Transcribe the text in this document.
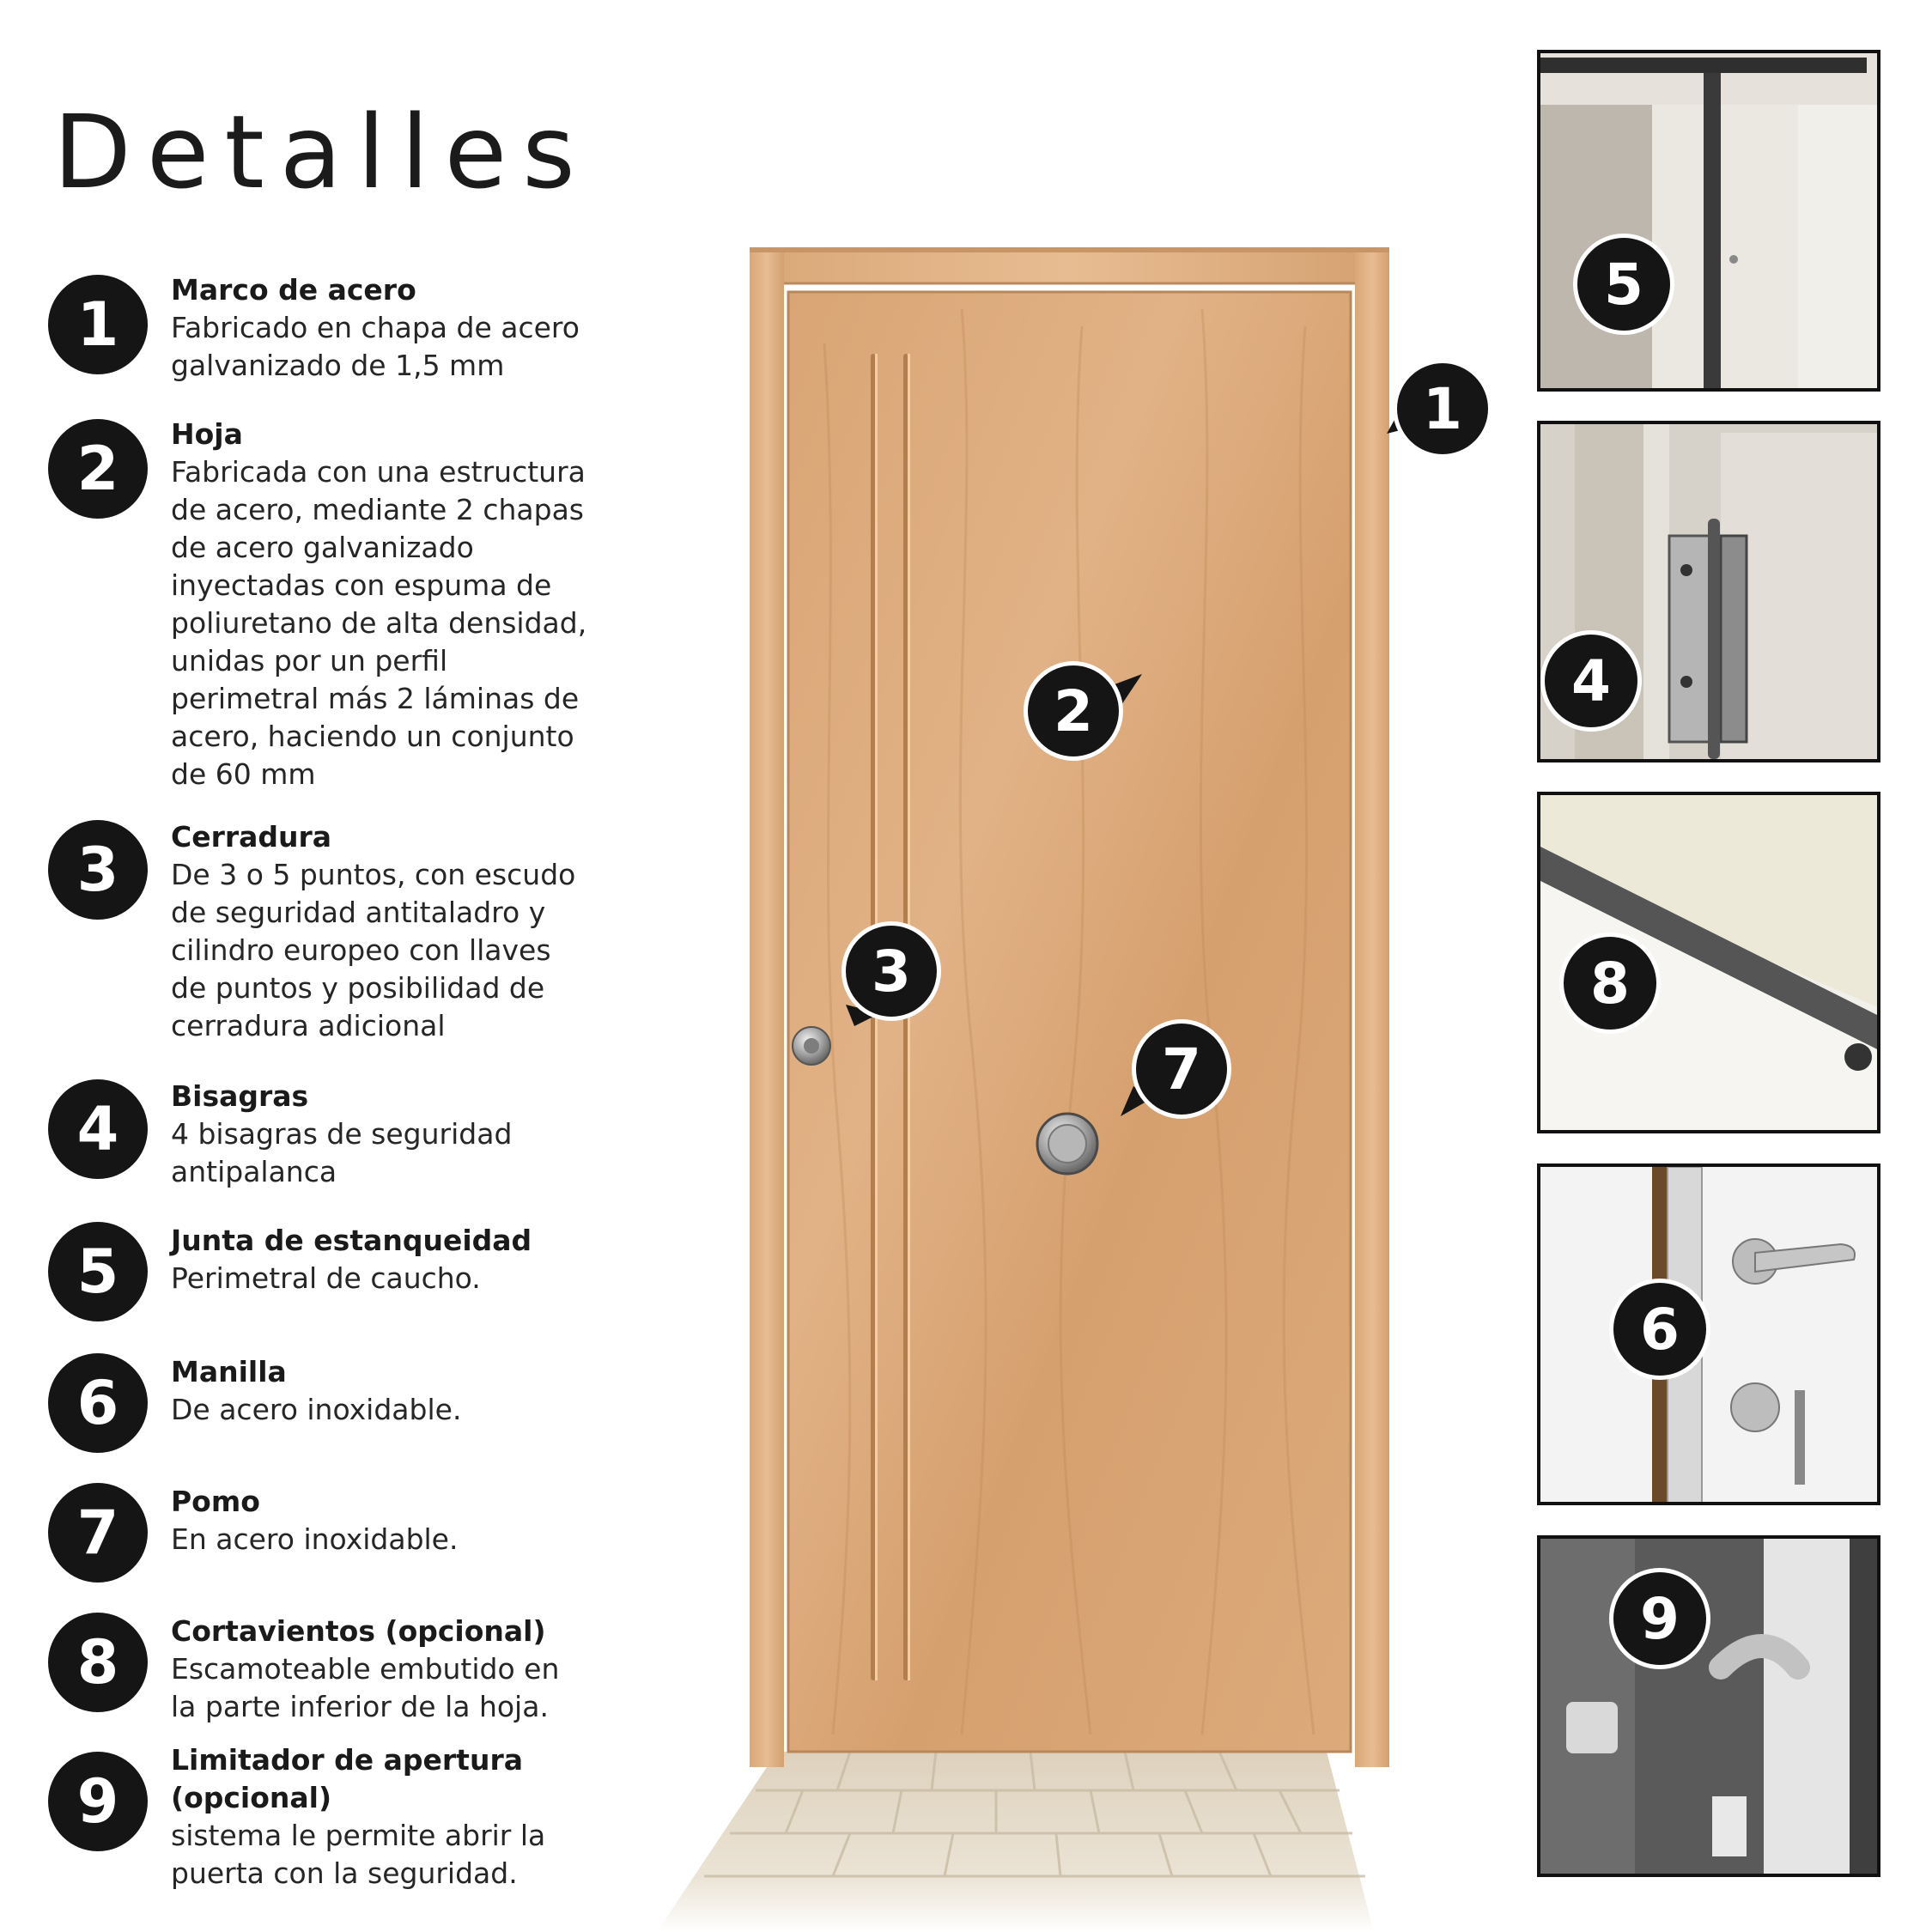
Detalles
1	Marco de acero
Fabricado en chapa de acero
galvanizado de 1,5 mm
2	Hoja
Fabricada con una estructura
de acero, mediante 2 chapas
de acero galvanizado
inyectadas con espuma de
poliuretano de alta densidad,
unidas por un perfil
perimetral más 2 láminas de
acero, haciendo un conjunto
de 60 mm
3	Cerradura
De 3 o 5 puntos, con escudo
de seguridad antitaladro y
cilindro europeo con llaves
de puntos y posibilidad de
cerradura adicional
4	Bisagras
4 bisagras de seguridad
antipalanca
5	Junta de estanqueidad
Perimetral de caucho.
6	Manilla
De acero inoxidable.
7	Pomo
En acero inoxidable.
8	Cortavientos (opcional)
Escamoteable embutido en
la parte inferior de la hoja.
9
Limitador de apertura
(opcional)
sistema le permite abrir la
puerta con la seguridad.
1
2
3
7
5
4
8
6
9
